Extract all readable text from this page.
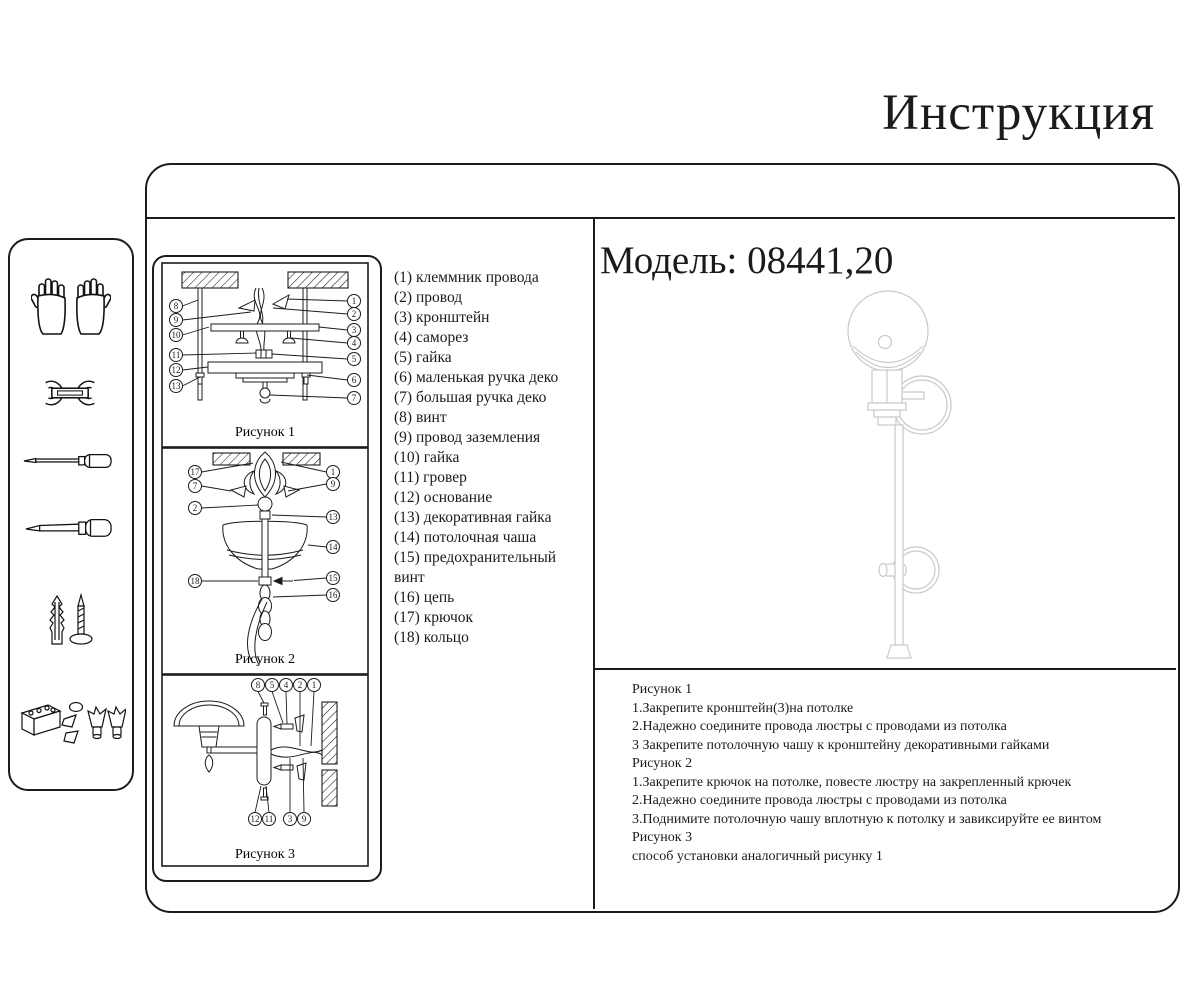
Инструкция
8
9
10
11
12
13
1
2
3
4
5
6
7
Рисунок 1
17
7
2
18
1
9
13
14
15
16
Рисунок 2
8 5 4 2 1
12 11 3 9
Рисунок 3
(1) клеммник провода
(2) провод
(3) кронштейн
(4) саморез
(5) гайка
(6) маленькая ручка деко
(7) большая ручка деко
(8) винт
(9) провод заземления
(10) гайка
(11) гровер
(12) основание
(13) декоративная гайка
(14) потолочная чаша
(15) предохранительный винт
(16) цепь
(17) крючок
(18) кольцо
Модель: 08441,20
Рисунок 1
1.Закрепите кронштейн(3)на потолке
2.Надежно соедините провода люстры с проводами из потолка
3 Закрепите потолочную чашу к кронштейну декоративными гайками
Рисунок 2
1.Закрепите крючок на потолке, повесте люстру на закрепленный крючек
2.Надежно соедините провода люстры с проводами из потолка
3.Поднимите потолочную чашу вплотную к потолку и завиксируйте ее винтом
Рисунок 3
способ установки аналогичный рисунку 1
